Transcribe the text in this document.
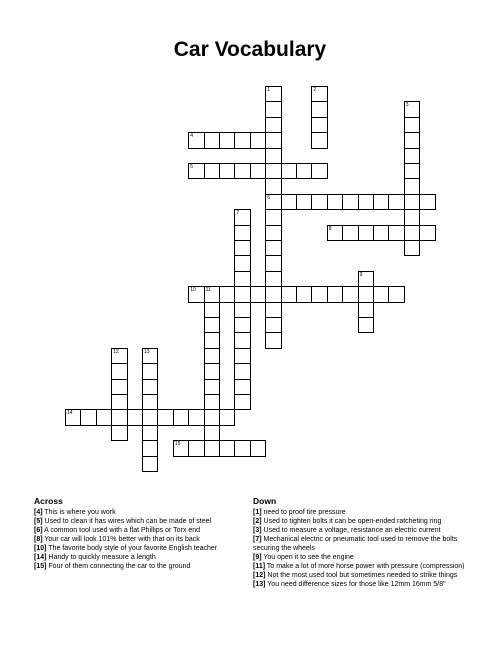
Car Vocabulary
1
6
2
3
4
5
7
8
9
10 11
12	13
14
15
Across

[4] This is where you work

[5] Used to clean it has wires which can be made of steel

[6] A common tool used with a flat Phillips or Torx end

[8] Your car will look 101% better with that on its back

[10] The favorite body style of your favorite English teacher

[14] Handy to quickly measure a length

[15] Four of them connecting the car to the ground

Down

[1] need to proof tire pressure

[2] Used to tighten bolts it can be open-ended ratcheting ring

[3] Used to measure a voltage, resistance an electric current

[7] Mechanical electric or pneumatic tool used to remove the bolts securing the wheels

[9] You open it to see the engine

[11] To make a lot of more horse power with pressure (compression)

[12] Not the most used tool but sometimes needed to strike things

[13] You need difference sizes for those like 12mm 16mm 5/8"
